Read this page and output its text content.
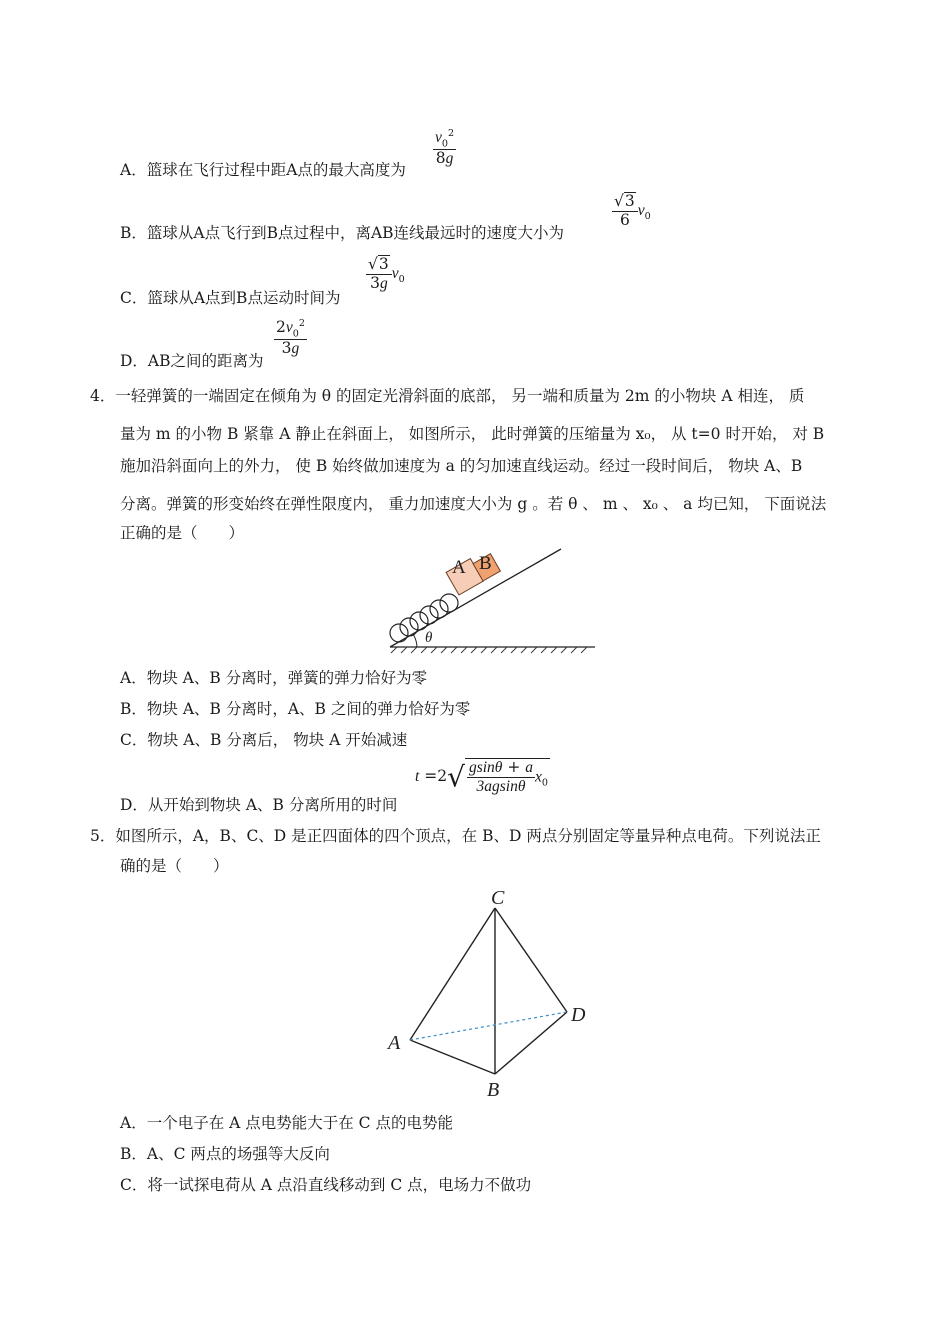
A．篮球在飞行过程中距A点的最大高度为
$\frac{v_0^2}{8g}$
B．篮球从A点飞行到B点过程中，离AB连线最远时的速度大小为
$\frac{√3}{6} v_0$
C．篮球从A点到B点运动时间为
$\frac{√3}{3g} v_0$
D．AB之间的距离为
$\frac{2v_0^2}{3g}$
4．一轻弹簧的一端固定在倾角为 θ 的固定光滑斜面的底部， 另一端和质量为 2m 的小物块 A 相连， 质
量为 m 的小物 B 紧靠 A 静止在斜面上， 如图所示， 此时弹簧的压缩量为 x₀， 从 t=0 时开始， 对 B
施加沿斜面向上的外力， 使 B 始终做加速度为 a 的匀加速直线运动。经过一段时间后， 物块 A、B
分离。弹簧的形变始终在弹性限度内， 重力加速度大小为 g 。若 θ 、 m 、 x₀ 、 a 均已知， 下面说法
正确的是（　　）
θ
A B
A．物块 A、B 分离时，弹簧的弹力恰好为零
B．物块 A、B 分离时，A、B 之间的弹力恰好为零
C．物块 A、B 分离后， 物块 A 开始减速
D．从开始到物块 A、B 分离所用的时间
$t =2√ \frac{gsin\theta + a}{3agsin\theta} x_0$
5．如图所示，A，B、C、D 是正四面体的四个顶点，在 B、D 两点分别固定等量异种点电荷。下列说法正
确的是（　　）
C
A
B
D
A．一个电子在 A 点电势能大于在 C 点的电势能
B．A、C 两点的场强等大反向
C．将一试探电荷从 A 点沿直线移动到 C 点，电场力不做功
